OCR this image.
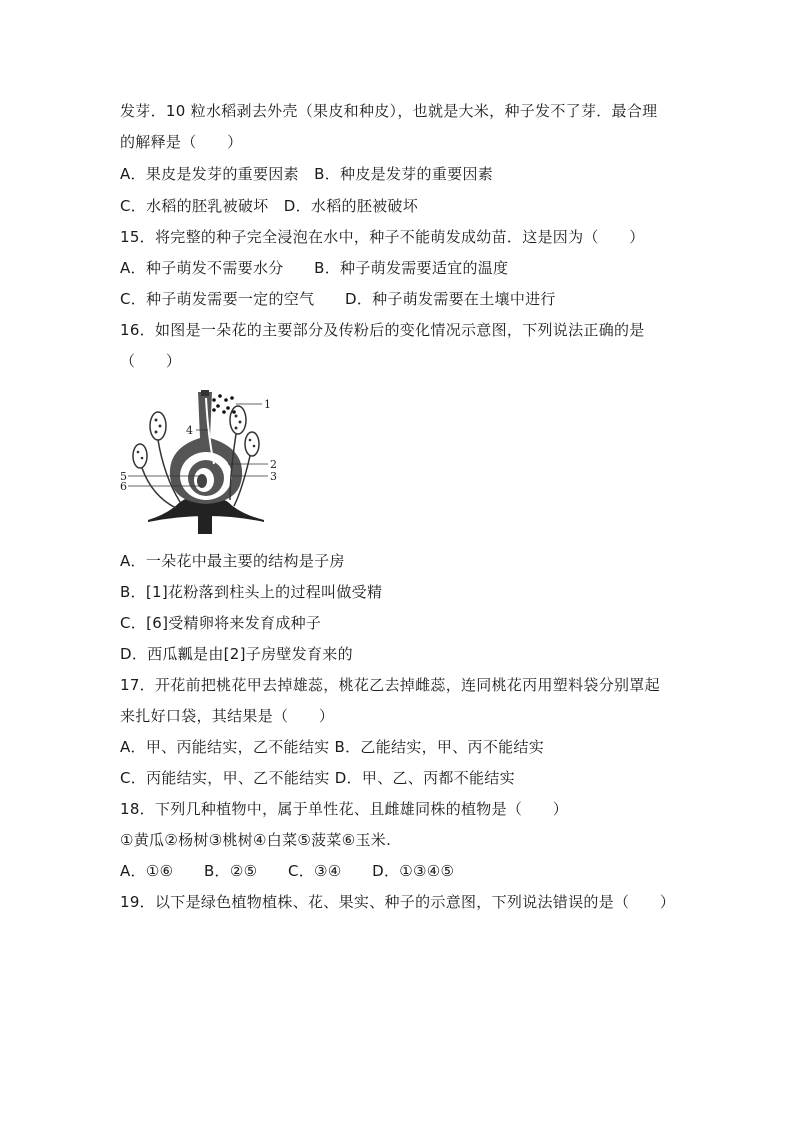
发芽．10 粒水稻剥去外壳（果皮和种皮），也就是大米，种子发不了芽．最合理
的解释是（　　）
A．果皮是发芽的重要因素　B．种皮是发芽的重要因素
C．水稻的胚乳被破坏　D．水稻的胚被破坏
15．将完整的种子完全浸泡在水中，种子不能萌发成幼苗．这是因为（　　）
A．种子萌发不需要水分　　B．种子萌发需要适宜的温度
C．种子萌发需要一定的空气　　D．种子萌发需要在土壤中进行
16．如图是一朵花的主要部分及传粉后的变化情况示意图，下列说法正确的是
（　　）
1
4
2
3
5
6
A．一朵花中最主要的结构是子房
B．[1]花粉落到柱头上的过程叫做受精
C．[6]受精卵将来发育成种子
D．西瓜瓤是由[2]子房壁发育来的
17．开花前把桃花甲去掉雄蕊，桃花乙去掉雌蕊，连同桃花丙用塑料袋分别罩起
来扎好口袋，其结果是（　　）
A．甲、丙能结实，乙不能结实 B．乙能结实，甲、丙不能结实
C．丙能结实，甲、乙不能结实 D．甲、乙、丙都不能结实
18．下列几种植物中，属于单性花、且雌雄同株的植物是（　　）
①黄瓜②杨树③桃树④白菜⑤菠菜⑥玉米.
A．①⑥　　B．②⑤　　C．③④　　D．①③④⑤
19．以下是绿色植物植株、花、果实、种子的示意图，下列说法错误的是（　　）
